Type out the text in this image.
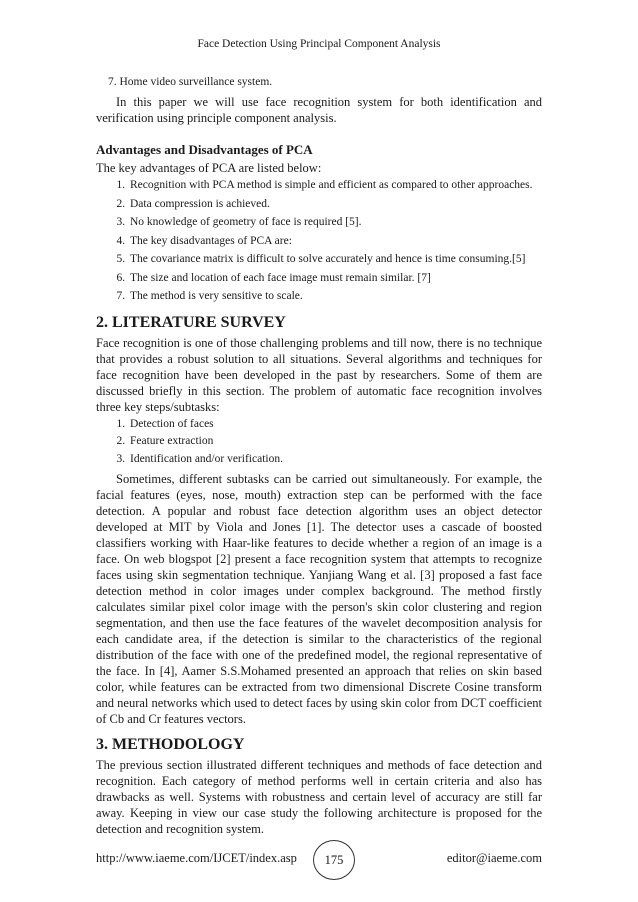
Face Detection Using Principal Component Analysis
7. Home video surveillance system.

In this paper we will use face recognition system for both identification and verification using principle component analysis.

Advantages and Disadvantages of PCA

The key advantages of PCA are listed below:

1. Recognition with PCA method is simple and efficient as compared to other approaches.
2. Data compression is achieved.
3. No knowledge of geometry of face is required [5].
4. The key disadvantages of PCA are:
5. The covariance matrix is difficult to solve accurately and hence is time consuming.[5]
6. The size and location of each face image must remain similar. [7]
7. The method is very sensitive to scale.
2. LITERATURE SURVEY

Face recognition is one of those challenging problems and till now, there is no technique that provides a robust solution to all situations. Several algorithms and techniques for face recognition have been developed in the past by researchers. Some of them are discussed briefly in this section. The problem of automatic face recognition involves three key steps/subtasks:

1. Detection of faces
2. Feature extraction
3. Identification and/or verification.

Sometimes, different subtasks can be carried out simultaneously. For example, the facial features (eyes, nose, mouth) extraction step can be performed with the face detection. A popular and robust face detection algorithm uses an object detector developed at MIT by Viola and Jones [1]. The detector uses a cascade of boosted classifiers working with Haar-like features to decide whether a region of an image is a face. On web blogspot [2] present a face recognition system that attempts to recognize faces using skin segmentation technique. Yanjiang Wang et al. [3] proposed a fast face detection method in color images under complex background. The method firstly calculates similar pixel color image with the person's skin color clustering and region segmentation, and then use the face features of the wavelet decomposition analysis for each candidate area, if the detection is similar to the characteristics of the regional distribution of the face with one of the predefined model, the regional representative of the face. In [4], Aamer S.S.Mohamed presented an approach that relies on skin based color, while features can be extracted from two dimensional Discrete Cosine transform and neural networks which used to detect faces by using skin color from DCT coefficient of Cb and Cr features vectors.

3. METHODOLOGY

The previous section illustrated different techniques and methods of face detection and recognition. Each category of method performs well in certain criteria and also has drawbacks as well. Systems with robustness and certain level of accuracy are still far away. Keeping in view our case study the following architecture is proposed for the detection and recognition system.

http://www.iaeme.com/IJCET/index.asp	175	editor@iaeme.com
